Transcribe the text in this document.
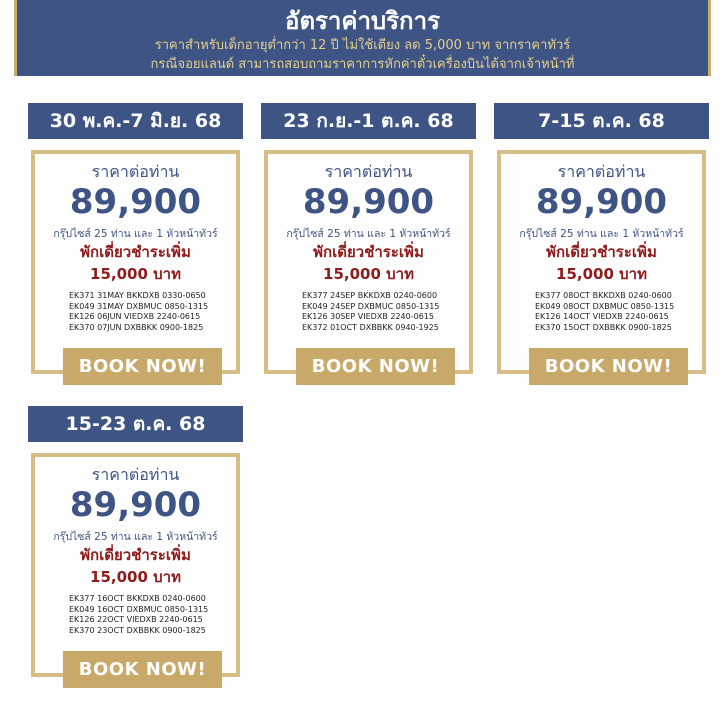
อัตราค่าบริการ
ราคาสำหรับเด็กอายุต่ำกว่า 12 ปี ไม่ใช้เตียง ลด 5,000 บาท จากราคาทัวร์
กรณีจอยแลนด์ สามารถสอบถามราคาการหักค่าตั๋วเครื่องบินได้จากเจ้าหน้าที่
30 พ.ค.-7 มิ.ย. 68
ราคาต่อท่าน
89,900
กรุ๊ปไซส์ 25 ท่าน และ 1 หัวหน้าทัวร์
พักเดี่ยวชำระเพิ่ม
15,000 บาท
EK371 31MAY BKKDXB 0330-0650
EK049 31MAY DXBMUC 0850-1315
EK126 06JUN VIEDXB 2240-0615
EK370 07JUN DXBBKK 0900-1825
BOOK NOW!
23 ก.ย.-1 ต.ค. 68
ราคาต่อท่าน
89,900
กรุ๊ปไซส์ 25 ท่าน และ 1 หัวหน้าทัวร์
พักเดี่ยวชำระเพิ่ม
15,000 บาท
EK377 24SEP BKKDXB 0240-0600
EK049 24SEP DXBMUC 0850-1315
EK126 30SEP VIEDXB 2240-0615
EK372 01OCT DXBBKK 0940-1925
BOOK NOW!
7-15 ต.ค. 68
ราคาต่อท่าน
89,900
กรุ๊ปไซส์ 25 ท่าน และ 1 หัวหน้าทัวร์
พักเดี่ยวชำระเพิ่ม
15,000 บาท
EK377 08OCT BKKDXB 0240-0600
EK049 08OCT DXBMUC 0850-1315
EK126 14OCT VIEDXB 2240-0615
EK370 15OCT DXBBKK 0900-1825
BOOK NOW!
15-23 ต.ค. 68
ราคาต่อท่าน
89,900
กรุ๊ปไซส์ 25 ท่าน และ 1 หัวหน้าทัวร์
พักเดี่ยวชำระเพิ่ม
15,000 บาท
EK377 16OCT BKKDXB 0240-0600
EK049 16OCT DXBMUC 0850-1315
EK126 22OCT VIEDXB 2240-0615
EK370 23OCT DXBBKK 0900-1825
BOOK NOW!
